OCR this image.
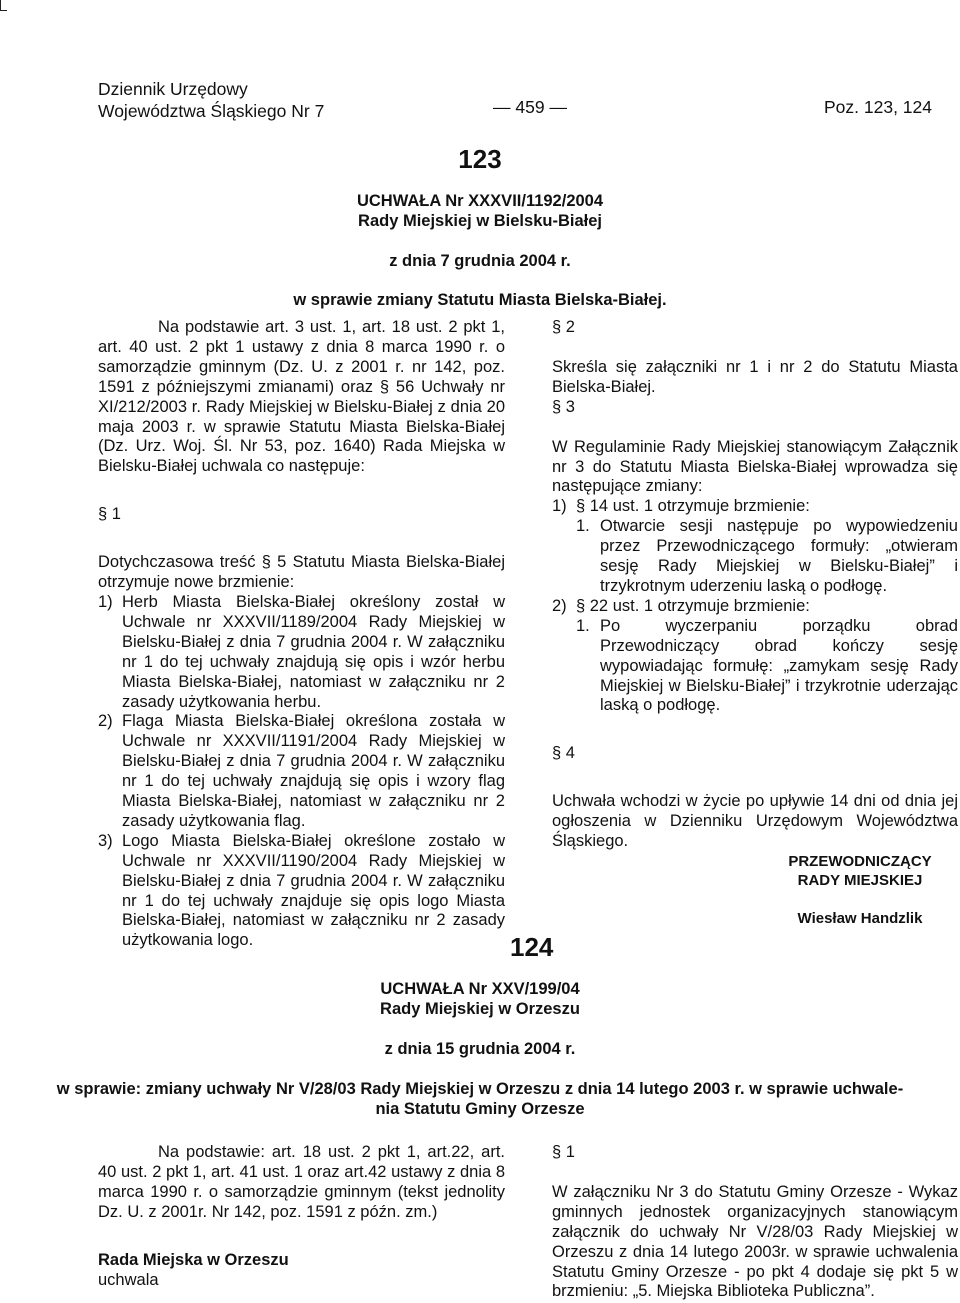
Dziennik Urzędowy
Województwa Śląskiego Nr 7	— 459 —	Poz. 123, 124
123
UCHWAŁA Nr XXXVII/1192/2004
Rady Miejskiej w Bielsku-Białej
z dnia 7 grudnia 2004 r.
w sprawie zmiany Statutu Miasta Bielska-Białej.

Na podstawie art. 3 ust. 1, art. 18 ust. 2 pkt 1, art. 40 ust. 2 pkt 1 ustawy z dnia 8 marca 1990 r. o samorządzie gminnym (Dz. U. z 2001 r. nr 142, poz. 1591 z późniejszymi zmianami) oraz § 56 Uchwały nr XI/212/2003 r. Rady Miejskiej w Bielsku-Białej z dnia 20 maja 2003 r. w sprawie Statutu Miasta Bielska-Białej (Dz. Urz. Woj. Śl. Nr 53, poz. 1640) Rada Miejska w Bielsku-Białej uchwala co następuje:

§ 1

Dotychczasowa treść § 5 Statutu Miasta Bielska-Białej otrzymuje nowe brzmienie:

1) Herb Miasta Bielska-Białej określony został w Uchwale nr XXXVII/1189/2004 Rady Miejskiej w Bielsku-Białej z dnia 7 grudnia 2004 r. W załączniku nr 1 do tej uchwały znajdują się opis i wzór herbu Miasta Bielska-Białej, natomiast w załączniku nr 2 zasady użytkowania herbu.
2) Flaga Miasta Bielska-Białej określona została w Uchwale nr XXXVII/1191/2004 Rady Miejskiej w Bielsku-Białej z dnia 7 grudnia 2004 r. W załączniku nr 1 do tej uchwały znajdują się opis i wzory flag Miasta Bielska-Białej, natomiast w załączniku nr 2 zasady użytkowania flag.
3) Logo Miasta Bielska-Białej określone zostało w Uchwale nr XXXVII/1190/2004 Rady Miejskiej w Bielsku-Białej z dnia 7 grudnia 2004 r. W załączniku nr 1 do tej uchwały znajduje się opis logo Miasta Bielska-Białej, natomiast w załączniku nr 2 zasady użytkowania logo.

§ 2

Skreśla się załączniki nr 1 i nr 2 do Statutu Miasta Bielska-Białej.

§ 3

W Regulaminie Rady Miejskiej stanowiącym Załącznik nr 3 do Statutu Miasta Bielska-Białej wprowadza się następujące zmiany:

1) § 14 ust. 1 otrzymuje brzmienie:
1. Otwarcie sesji następuje po wypowiedzeniu przez Przewodniczącego formuły: „otwieram sesję Rady Miejskiej w Bielsku-Białej” i trzykrotnym uderzeniu laską o podłogę.
2) § 22 ust. 1 otrzymuje brzmienie:
1. Po wyczerpaniu porządku obrad Przewodniczący obrad kończy sesję wypowiadając formułę: „zamykam sesję Rady Miejskiej w Bielsku-Białej” i trzykrotnie uderzając laską o podłogę.

§ 4

Uchwała wchodzi w życie po upływie 14 dni od dnia jej ogłoszenia w Dzienniku Urzędowym Województwa Śląskiego.

PRZEWODNICZĄCY
RADY MIEJSKIEJ
Wiesław Handzlik
124
UCHWAŁA Nr XXV/199/04
Rady Miejskiej w Orzeszu
z dnia 15 grudnia 2004 r.
w sprawie: zmiany uchwały Nr V/28/03 Rady Miejskiej w Orzeszu z dnia 14 lutego 2003 r. w sprawie uchwale-
nia Statutu Gminy Orzesze

Na podstawie: art. 18 ust. 2 pkt 1, art.22, art. 40 ust. 2 pkt 1, art. 41 ust. 1 oraz art.42 ustawy z dnia 8 marca 1990 r. o samorządzie gminnym (tekst jednolity Dz. U. z 2001r. Nr 142, poz. 1591 z późn. zm.)

Rada Miejska w Orzeszu

uchwala

§ 1

W załączniku Nr 3 do Statutu Gminy Orzesze - Wykaz gminnych jednostek organizacyjnych stanowiącym załącznik do uchwały Nr V/28/03 Rady Miejskiej w Orzeszu z dnia 14 lutego 2003r. w sprawie uchwalenia Statutu Gminy Orzesze - po pkt 4 dodaje się pkt 5 w brzmieniu: „5. Miejska Biblioteka Publiczna”.
